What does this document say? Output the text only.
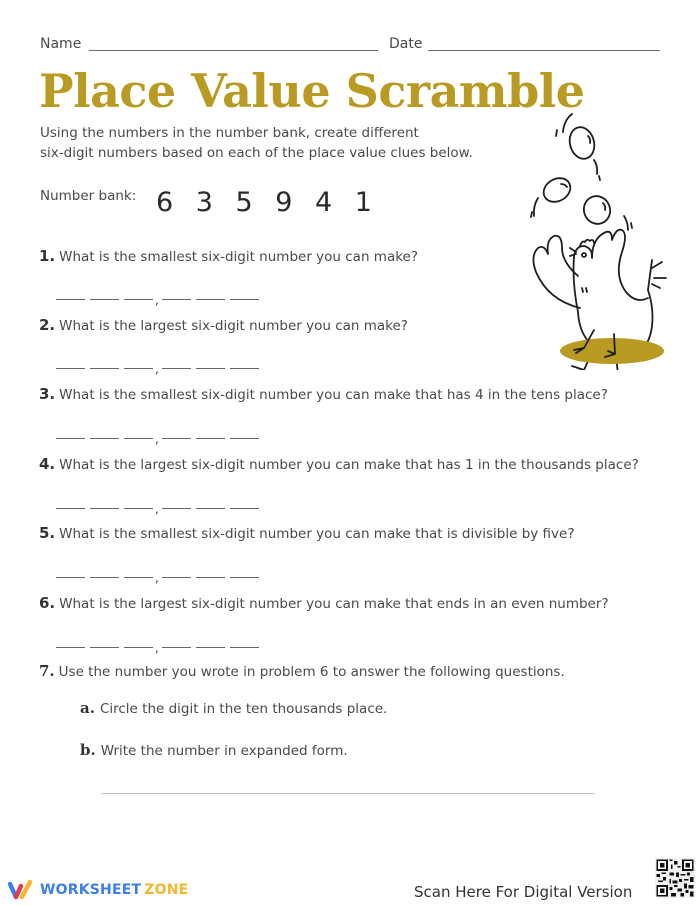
Name	Date
Place Value Scramble
Using the numbers in the number bank, create different
six-digit numbers based on each of the place value clues below.
Number bank: 6 3 5 9 4 1
1. What is the smallest six-digit number you can make?
,
2. What is the largest six-digit number you can make?
,
3. What is the smallest six-digit number you can make that has 4 in the tens place?
,
4. What is the largest six-digit number you can make that has 1 in the thousands place?
,
5. What is the smallest six-digit number you can make that is divisible by five?
,
6. What is the largest six-digit number you can make that ends in an even number?
,
7. Use the number you wrote in problem 6 to answer the following questions.
a. Circle the digit in the ten thousands place.
b. Write the number in expanded form.
WORKSHEET ZONE	Scan Here For Digital Version
